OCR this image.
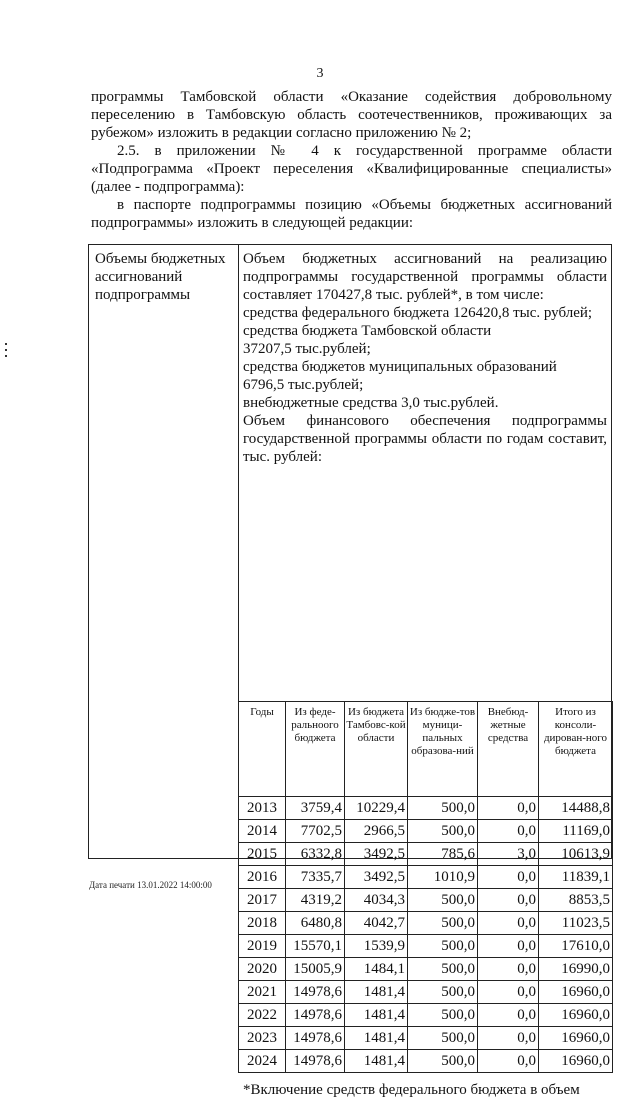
3

программы Тамбовской области «Оказание содействия добровольному

переселению в Тамбовскую область соотечественников, проживающих за

рубежом» изложить в редакции согласно приложению № 2;

2.5. в приложении № 4 к государственной программе области

«Подпрограмма «Проект переселения «Квалифицированные специалисты»

(далее - подпрограмма):

в паспорте подпрограммы позицию «Объемы бюджетных ассигнований

подпрограммы» изложить в следующей редакции:

Объемы бюджетных

ассигнований

подпрограммы

Объем бюджетных ассигнований на реализацию

подпрограммы государственной программы области

составляет 170427,8 тыс. рублей*, в том числе:

средства федерального бюджета 126420,8 тыс. рублей;

средства бюджета Тамбовской области

37207,5 тыс.рублей;

средства бюджетов муниципальных образований

6796,5 тыс.рублей;

внебюджетные средства 3,0 тыс.рублей.

Объем финансового обеспечения подпрограммы

государственной программы области по годам составит,

тыс. рублей:

Годы	Из феде-ральноого бюджета	Из бюджета Тамбовс-кой области	Из бюдже-тов муници-пальных образова-ний	Внебюд-жетные средства	Итого из консоли-дирован-ного бюджета
2013	3759,4	10229,4	500,0	0,0	14488,8
2014	7702,5	2966,5	500,0	0,0	11169,0
2015	6332,8	3492,5	785,6	3,0	10613,9
2016	7335,7	3492,5	1010,9	0,0	11839,1
2017	4319,2	4034,3	500,0	0,0	8853,5
2018	6480,8	4042,7	500,0	0,0	11023,5
2019	15570,1	1539,9	500,0	0,0	17610,0
2020	15005,9	1484,1	500,0	0,0	16990,0
2021	14978,6	1481,4	500,0	0,0	16960,0
2022	14978,6	1481,4	500,0	0,0	16960,0
2023	14978,6	1481,4	500,0	0,0	16960,0
2024	14978,6	1481,4	500,0	0,0	16960,0
*Включение средств федерального бюджета в объем
Дата печати 13.01.2022 14:00:00
